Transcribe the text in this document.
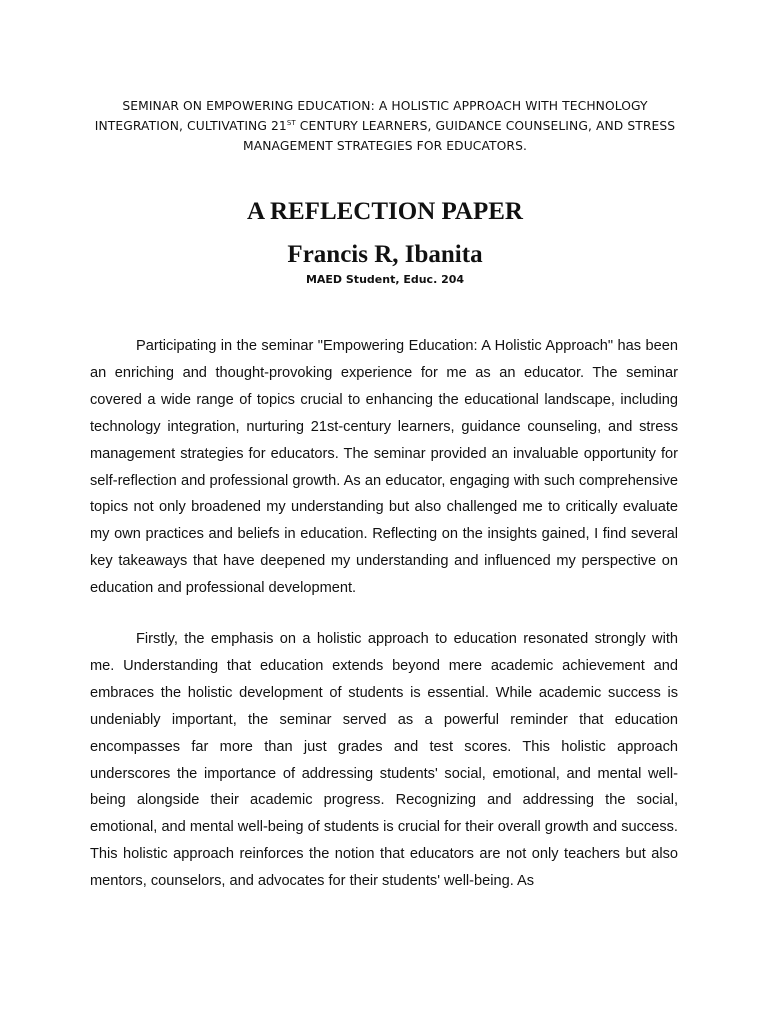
SEMINAR ON EMPOWERING EDUCATION: A HOLISTIC APPROACH WITH TECHNOLOGY INTEGRATION, CULTIVATING 21ST CENTURY LEARNERS, GUIDANCE COUNSELING, AND STRESS MANAGEMENT STRATEGIES FOR EDUCATORS.

A REFLECTION PAPER
Francis R, Ibanita

MAED Student, Educ. 204

Participating in the seminar "Empowering Education: A Holistic Approach" has been an enriching and thought-provoking experience for me as an educator. The seminar covered a wide range of topics crucial to enhancing the educational landscape, including technology integration, nurturing 21st-century learners, guidance counseling, and stress management strategies for educators. The seminar provided an invaluable opportunity for self-reflection and professional growth. As an educator, engaging with such comprehensive topics not only broadened my understanding but also challenged me to critically evaluate my own practices and beliefs in education. Reflecting on the insights gained, I find several key takeaways that have deepened my understanding and influenced my perspective on education and professional development.

Firstly, the emphasis on a holistic approach to education resonated strongly with me. Understanding that education extends beyond mere academic achievement and embraces the holistic development of students is essential. While academic success is undeniably important, the seminar served as a powerful reminder that education encompasses far more than just grades and test scores. This holistic approach underscores the importance of addressing students' social, emotional, and mental well-being alongside their academic progress. Recognizing and addressing the social, emotional, and mental well-being of students is crucial for their overall growth and success. This holistic approach reinforces the notion that educators are not only teachers but also mentors, counselors, and advocates for their students' well-being. As
